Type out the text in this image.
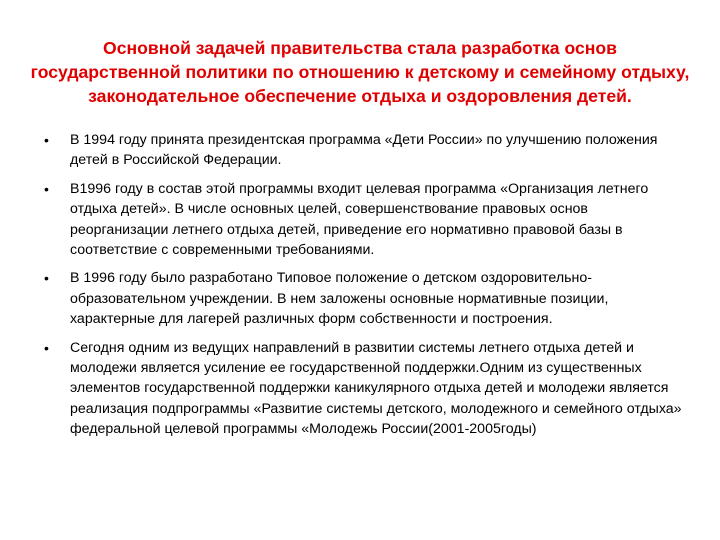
Основной задачей правительства стала разработка основ государственной политики по отношению к детскому и семейному отдыху, законодательное обеспечение отдыха и оздоровления детей.
• В 1994 году принята президентская программа «Дети России» по улучшению положения детей в Российской Федерации.
• В1996 году в состав этой программы входит целевая программа «Организация летнего отдыха детей». В числе основных целей, совершенствование правовых основ реорганизации летнего отдыха детей, приведение его нормативно правовой базы в соответствие с современными требованиями.
• В 1996 году было разработано Типовое положение о детском оздоровительно-образовательном учреждении. В нем заложены основные нормативные позиции, характерные для лагерей различных форм собственности и построения.
• Сегодня одним из ведущих направлений в развитии системы летнего отдыха детей и молодежи является усиление ее государственной поддержки.Одним из существенных элементов государственной поддержки каникулярного отдыха детей и молодежи является реализация подпрограммы «Развитие системы детского, молодежного и семейного отдыха» федеральной целевой программы «Молодежь России(2001-2005годы)
